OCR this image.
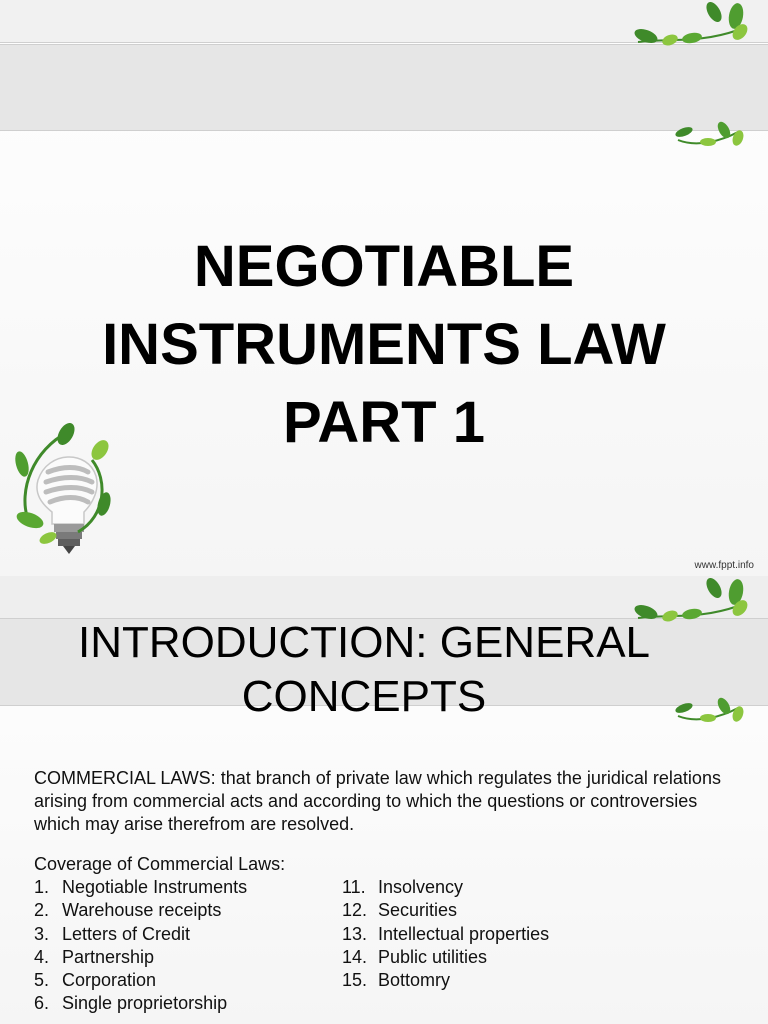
NEGOTIABLE
INSTRUMENTS LAW
PART 1
www.fppt.info
INTRODUCTION: GENERAL
CONCEPTS

COMMERCIAL LAWS: that branch of private law which regulates the juridical relations arising from commercial acts and according to which the questions or controversies which may arise therefrom are resolved.

Coverage of Commercial Laws:
1. Negotiable Instruments
2. Warehouse receipts
3. Letters of Credit
4. Partnership
5. Corporation
6. Single proprietorship
11. Insolvency
12. Securities
13. Intellectual properties
14. Public utilities
15. Bottomry
